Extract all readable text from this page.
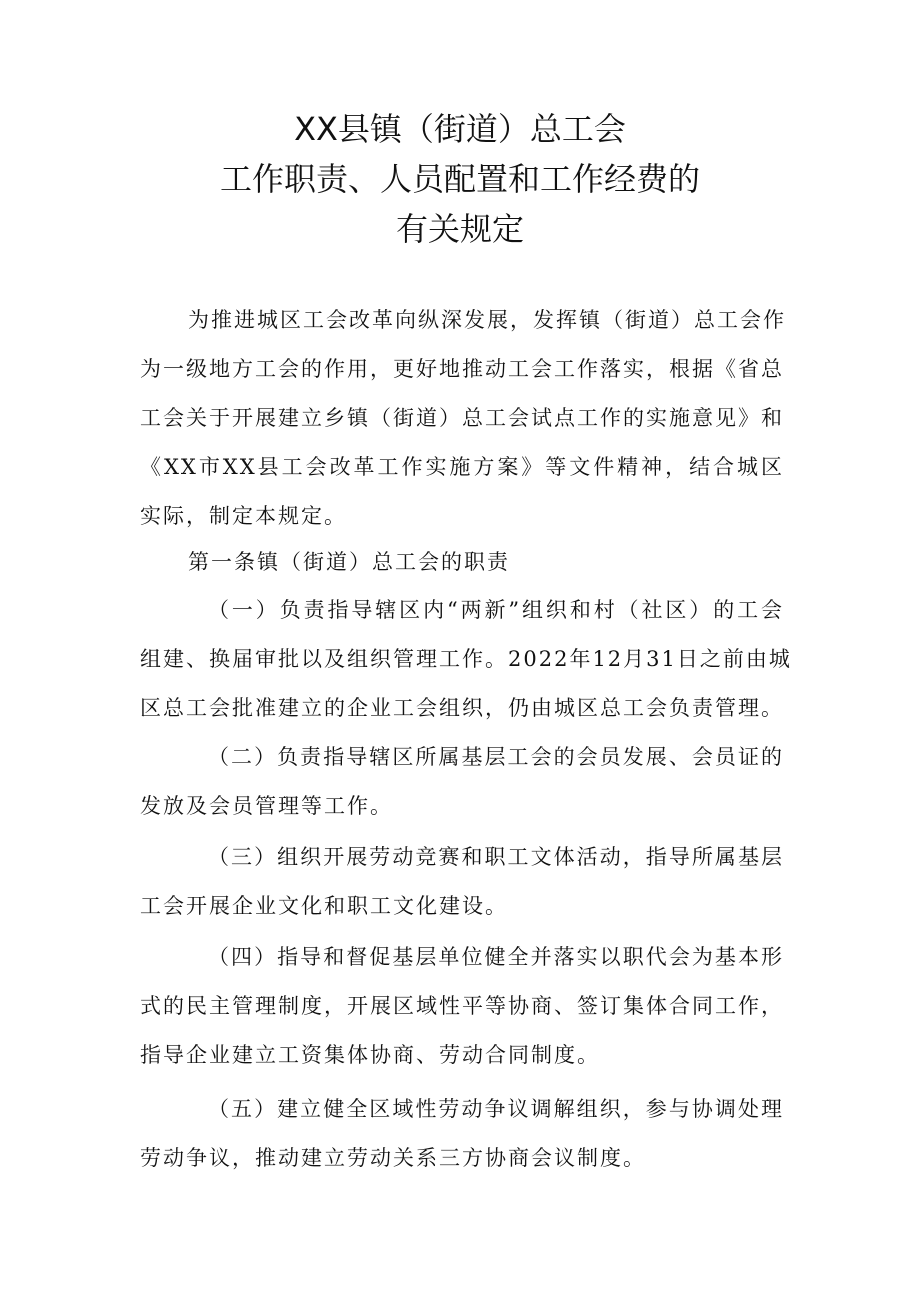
XX县镇（街道）总工会
工作职责、人员配置和工作经费的
有关规定
为推进城区工会改革向纵深发展，发挥镇（街道）总工会作
为一级地方工会的作用，更好地推动工会工作落实，根据《省总
工会关于开展建立乡镇（街道）总工会试点工作的实施意见》和
《XX市XX县工会改革工作实施方案》等文件精神，结合城区
实际，制定本规定。
第一条镇（街道）总工会的职责
（一）负责指导辖区内“两新”组织和村（社区）的工会
组建、换届审批以及组织管理工作。2022年12月31日之前由城
区总工会批准建立的企业工会组织，仍由城区总工会负责管理。
（二）负责指导辖区所属基层工会的会员发展、会员证的
发放及会员管理等工作。
（三）组织开展劳动竞赛和职工文体活动，指导所属基层
工会开展企业文化和职工文化建设。
（四）指导和督促基层单位健全并落实以职代会为基本形
式的民主管理制度，开展区域性平等协商、签订集体合同工作，
指导企业建立工资集体协商、劳动合同制度。
（五）建立健全区域性劳动争议调解组织，参与协调处理
劳动争议，推动建立劳动关系三方协商会议制度。
